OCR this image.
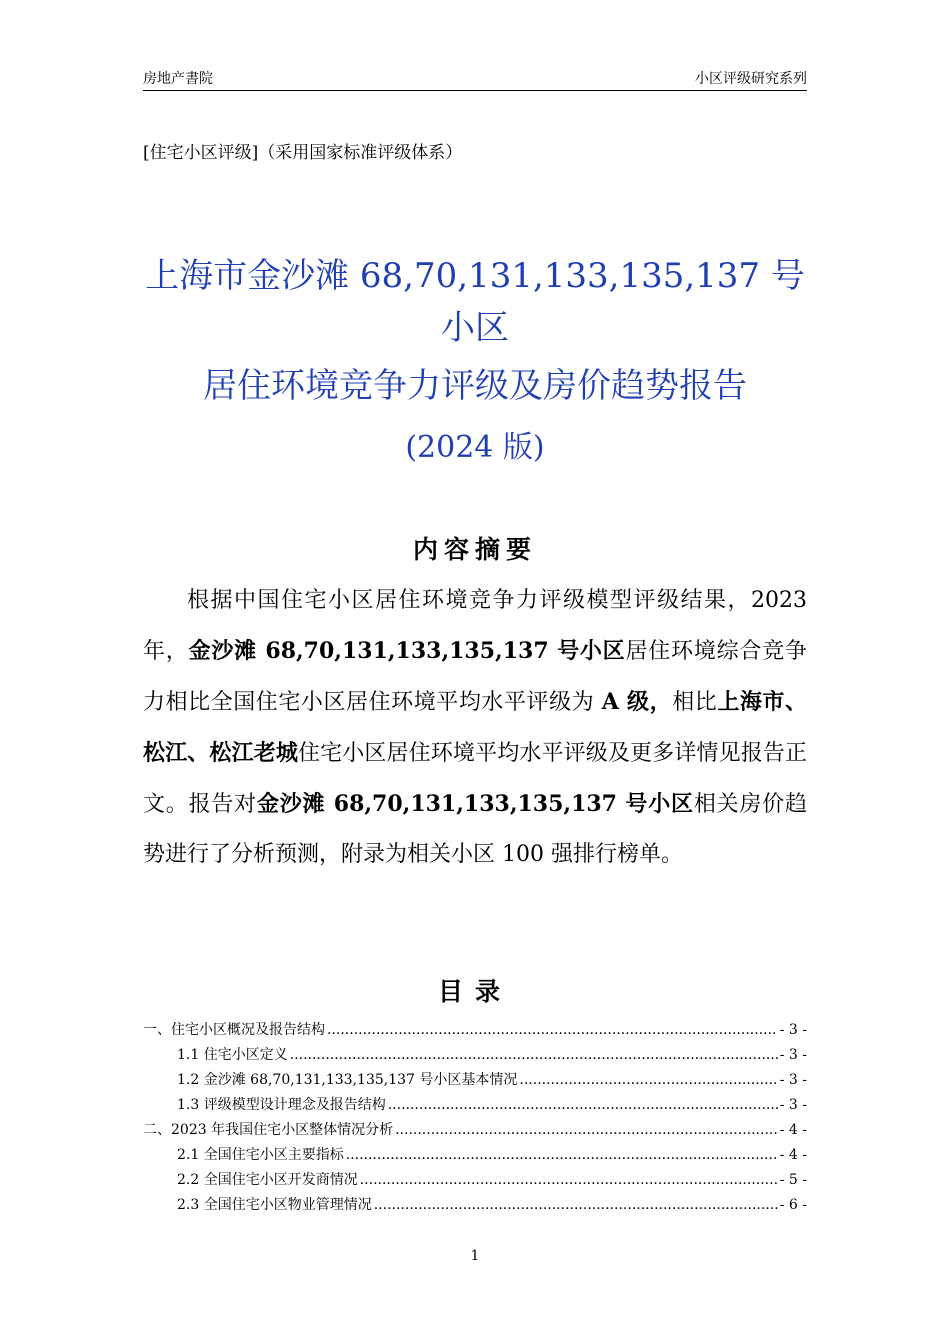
房地产書院	小区评级研究系列
[住宅小区评级]（采用国家标准评级体系）
上海市金沙滩 68,70,131,133,135,137 号
小区
居住环境竞争力评级及房价趋势报告
(2024 版)
内容摘要

根据中国住宅小区居住环境竞争力评级模型评级结果，2023 年，金沙滩 68,70,131,133,135,137 号小区居住环境综合竞争力相比全国住宅小区居住环境平均水平评级为 A 级，相比上海市、松江、松江老城住宅小区居住环境平均水平评级及更多详情见报告正文。报告对金沙滩 68,70,131,133,135,137 号小区相关房价趋势进行了分析预测，附录为相关小区 100 强排行榜单。

目录
一、住宅小区概况及报告结构 .....	- 3 -
1.1 住宅小区定义 .....	- 3 -
1.2 金沙滩 68,70,131,133,135,137 号小区基本情况 .....	- 3 -
1.3 评级模型设计理念及报告结构 .....	- 3 -
二、2023 年我国住宅小区整体情况分析 .....	- 4 -
2.1 全国住宅小区主要指标 .....	- 4 -
2.2 全国住宅小区开发商情况 .....	- 5 -
2.3 全国住宅小区物业管理情况 .....	- 6 -
1
